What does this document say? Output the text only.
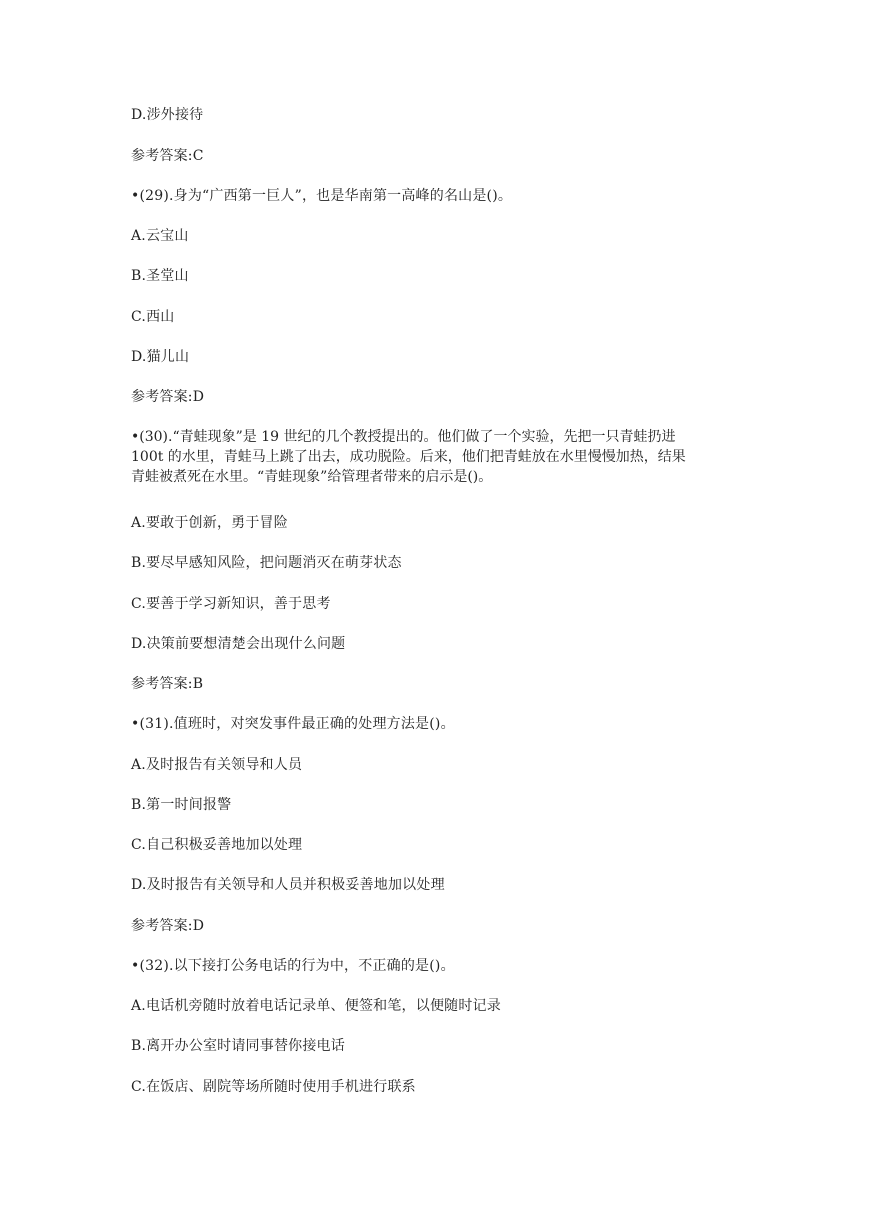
D.涉外接待
参考答案:C
•(29).身为“广西第一巨人”，也是华南第一高峰的名山是()。
A.云宝山
B.圣堂山
C.西山
D.猫儿山
参考答案:D
•(30).“青蛙现象”是 19 世纪的几个教授提出的。他们做了一个实验，先把一只青蛙扔进
100t 的水里，青蛙马上跳了出去，成功脱险。后来，他们把青蛙放在水里慢慢加热，结果
青蛙被煮死在水里。“青蛙现象”给管理者带来的启示是()。
A.要敢于创新，勇于冒险
B.要尽早感知风险，把问题消灭在萌芽状态
C.要善于学习新知识，善于思考
D.决策前要想清楚会出现什么问题
参考答案:B
•(31).值班时，对突发事件最正确的处理方法是()。
A.及时报告有关领导和人员
B.第一时间报警
C.自己积极妥善地加以处理
D.及时报告有关领导和人员并积极妥善地加以处理
参考答案:D
•(32).以下接打公务电话的行为中，不正确的是()。
A.电话机旁随时放着电话记录单、便签和笔，以便随时记录
B.离开办公室时请同事替你接电话
C.在饭店、剧院等场所随时使用手机进行联系
